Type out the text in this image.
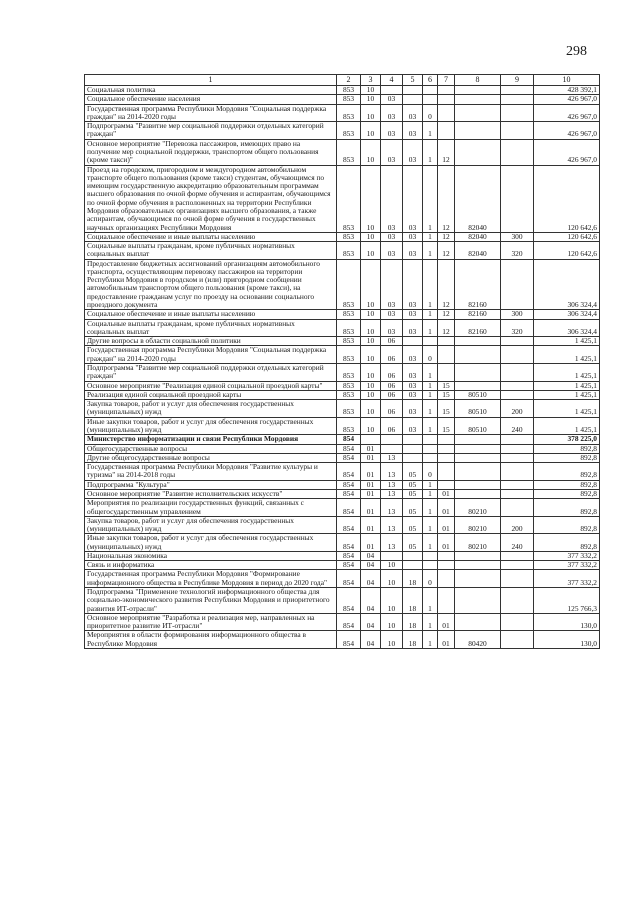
298
1	2	3	4	5	6	7	8	9	10
Социальная политика	853	10							428 392,1
Социальное обеспечение населения	853	10	03						426 967,0
Государственная программа Республики Мордовия "Социальная поддержка граждан" на 2014-2020 годы	853	10	03	03	0				426 967,0
Подпрограмма "Развитие мер социальной поддержки отдельных категорий граждан"	853	10	03	03	1				426 967,0
Основное мероприятие "Перевозка пассажиров, имеющих право на получение мер социальной поддержки, транспортом общего пользования (кроме такси)"	853	10	03	03	1	12			426 967,0
Проезд на городском, пригородном и междугородном автомобильном транспорте общего пользования (кроме такси) студентам, обучающимся по имеющим государственную аккредитацию образовательным программам высшего образования по очной форме обучения и аспирантам, обучающимся по очной форме обучения в расположенных на территории Республики Мордовия образовательных организациях высшего образования, а также аспирантам, обучающимся по очной форме обучения в государственных научных организациях Республики Мордовия	853	10	03	03	1	12	82040		120 642,6
Социальное обеспечение и иные выплаты населению	853	10	03	03	1	12	82040	300	120 642,6
Социальные выплаты гражданам, кроме публичных нормативных социальных выплат	853	10	03	03	1	12	82040	320	120 642,6
Предоставление бюджетных ассигнований организациям автомобильного транспорта, осуществляющим перевозку пассажиров на территории Республики Мордовия в городском и (или) пригородном сообщении автомобильным транспортом общего пользования (кроме такси), на предоставление гражданам услуг по проезду на основании социального проездного документа	853	10	03	03	1	12	82160		306 324,4
Социальное обеспечение и иные выплаты населению	853	10	03	03	1	12	82160	300	306 324,4
Социальные выплаты гражданам, кроме публичных нормативных социальных выплат	853	10	03	03	1	12	82160	320	306 324,4
Другие вопросы в области социальной политики	853	10	06						1 425,1
Государственная программа Республики Мордовия "Социальная поддержка граждан" на 2014-2020 годы	853	10	06	03	0				1 425,1
Подпрограмма "Развитие мер социальной поддержки отдельных категорий граждан"	853	10	06	03	1				1 425,1
Основное мероприятие "Реализация единой социальной проездной карты"	853	10	06	03	1	15			1 425,1
Реализация единой социальной проездной карты	853	10	06	03	1	15	80510		1 425,1
Закупка товаров, работ и услуг для обеспечения государственных (муниципальных) нужд	853	10	06	03	1	15	80510	200	1 425,1
Иные закупки товаров, работ и услуг для обеспечения государственных (муниципальных) нужд	853	10	06	03	1	15	80510	240	1 425,1
Министерство информатизации и связи Республики Мордовия	854								378 225,0
Общегосударственные вопросы	854	01							892,8
Другие общегосударственные вопросы	854	01	13						892,8
Государственная программа Республики Мордовия "Развитие культуры и туризма" на 2014-2018 годы	854	01	13	05	0				892,8
Подпрограмма "Культура"	854	01	13	05	1				892,8
Основное мероприятие "Развитие исполнительских искусств"	854	01	13	05	1	01			892,8
Мероприятия по реализации государственных функций, связанных с общегосударственным управлением	854	01	13	05	1	01	80210		892,8
Закупка товаров, работ и услуг для обеспечения государственных (муниципальных) нужд	854	01	13	05	1	01	80210	200	892,8
Иные закупки товаров, работ и услуг для обеспечения государственных (муниципальных) нужд	854	01	13	05	1	01	80210	240	892,8
Национальная экономика	854	04							377 332,2
Связь и информатика	854	04	10						377 332,2
Государственная программа Республики Мордовия "Формирование информационного общества в Республике Мордовия в период до 2020 года"	854	04	10	18	0				377 332,2
Подпрограмма "Применение технологий информационного общества для социально-экономического развития Республики Мордовия и приоритетного развития ИТ-отрасли"	854	04	10	18	1				125 766,3
Основное мероприятие "Разработка и реализация мер, направленных на приоритетное развитие ИТ-отрасли"	854	04	10	18	1	01			130,0
Мероприятия в области формирования информационного общества в Республике Мордовия	854	04	10	18	1	01	80420		130,0
